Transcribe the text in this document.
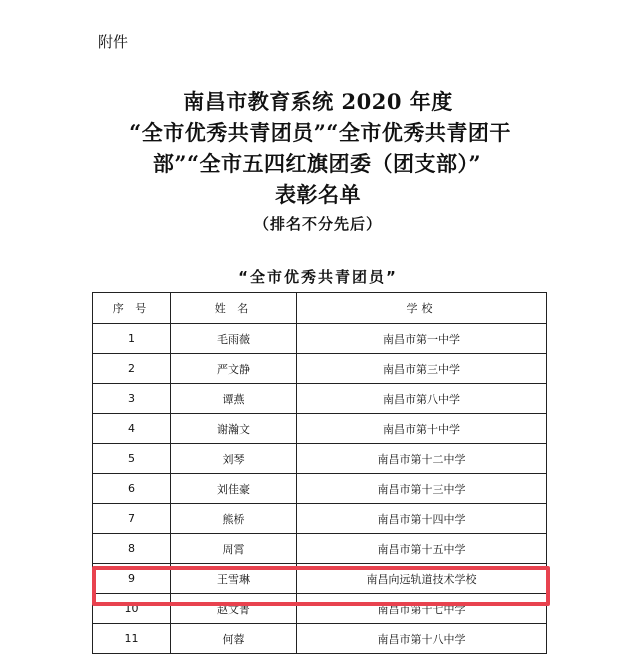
附件
南昌市教育系统 2020 年度
“全市优秀共青团员”“全市优秀共青团干
部”“全市五四红旗团委（团支部）”
表彰名单
（排名不分先后）
“全市优秀共青团员”
序 号	姓 名	学校
1	毛雨薇	南昌市第一中学
2	严文静	南昌市第三中学
3	谭燕	南昌市第八中学
4	谢瀚文	南昌市第十中学
5	刘琴	南昌市第十二中学
6	刘佳豪	南昌市第十三中学
7	熊桥	南昌市第十四中学
8	周霄	南昌市第十五中学
9	王雪琳	南昌向远轨道技术学校
10	赵文菁	南昌市第十七中学
11	何蓉	南昌市第十八中学
